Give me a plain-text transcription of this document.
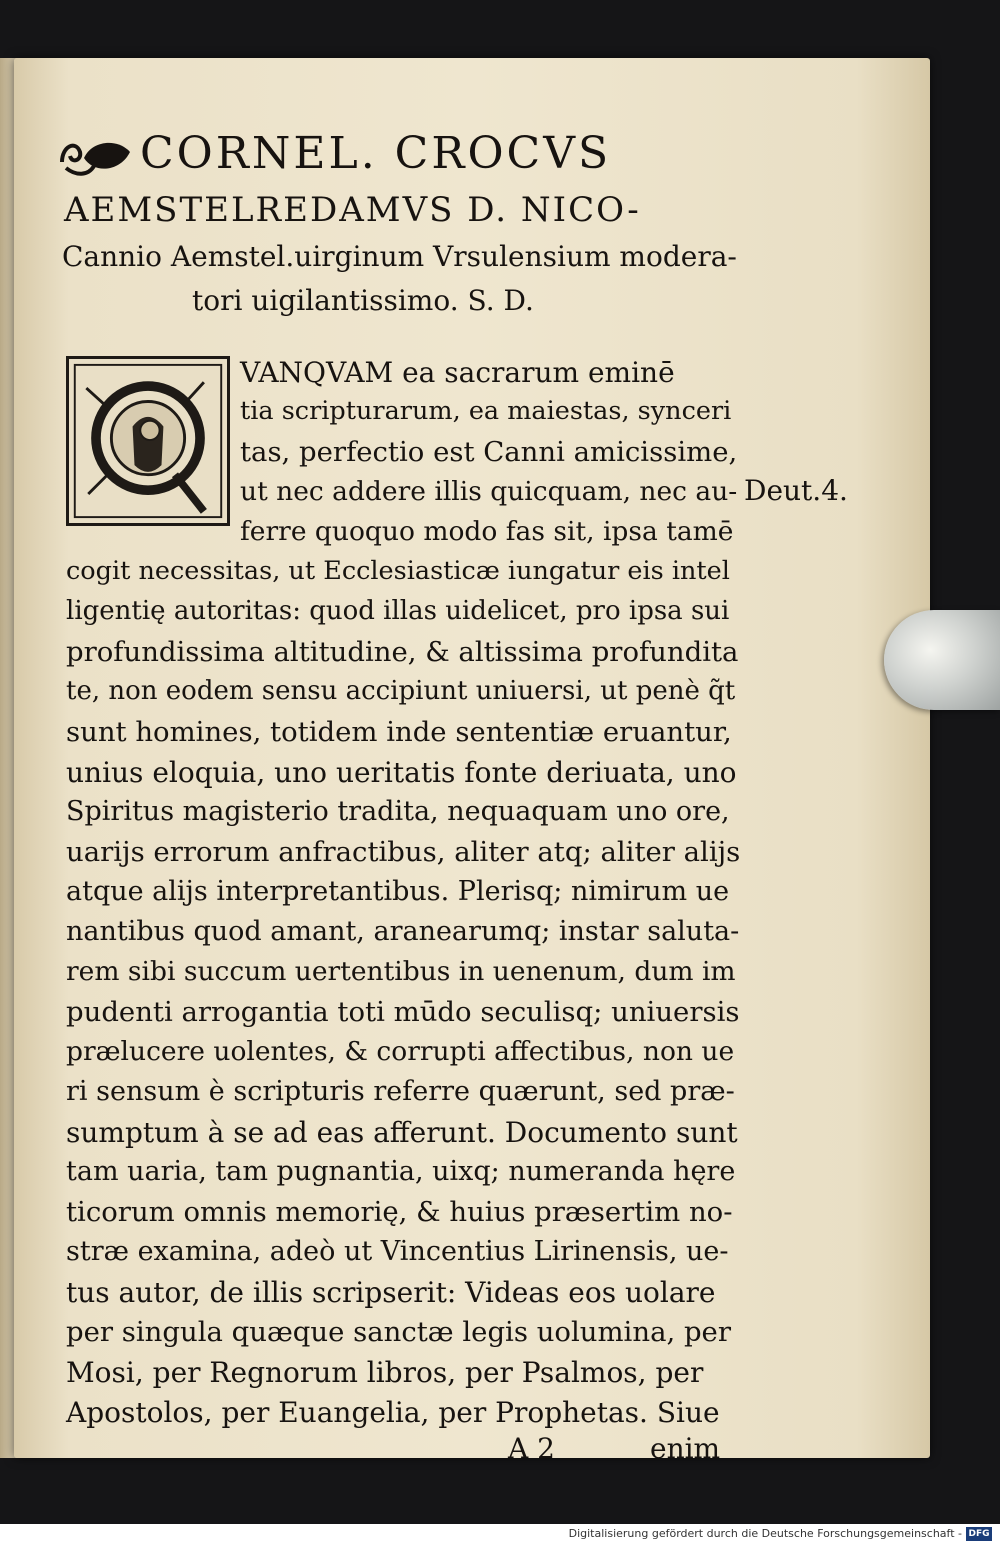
CORNEL. CROCVS
AEMSTELREDAMVS D. NICO-
Cannio Aemstel.uirginum Vrsulensium modera-
tori uigilantissimo. S. D.
VANQVAM ea sacrarum eminē
tia scripturarum, ea maiestas, synceri
tas, perfectio est Canni amicissime,
ut nec addere illis quicquam, nec au-
ferre quoquo modo fas sit, ipsa tamē
cogit necessitas, ut Ecclesiasticæ iungatur eis intel
ligentię autoritas: quod illas uidelicet, pro ipsa sui
profundissima altitudine, & altissima profundita
te, non eodem sensu accipiunt uniuersi, ut penè q̃t
sunt homines, totidem inde sententiæ eruantur,
unius eloquia, uno ueritatis fonte deriuata, uno
Spiritus magisterio tradita, nequaquam uno ore,
uarijs errorum anfractibus, aliter atq; aliter alijs
atque alijs interpretantibus. Plerisq; nimirum ue
nantibus quod amant, aranearumq; instar saluta-
rem sibi succum uertentibus in uenenum, dum im
pudenti arrogantia toti mūdo seculisq; uniuersis
prælucere uolentes, & corrupti affectibus, non ue
ri sensum è scripturis referre quærunt, sed præ-
sumptum à se ad eas afferunt. Documento sunt
tam uaria, tam pugnantia, uixq; numeranda hęre
ticorum omnis memorię, & huius præsertim no-
stræ examina, adeò ut Vincentius Lirinensis, ue-
tus autor, de illis scripserit: Videas eos uolare
per singula quæque sanctæ legis uolumina, per
Mosi, per Regnorum libros, per Psalmos, per
Apostolos, per Euangelia, per Prophetas. Siue
Deut.4.
A 2	enim
Digitalisierung gefördert durch die Deutsche Forschungsgemeinschaft - DFG
